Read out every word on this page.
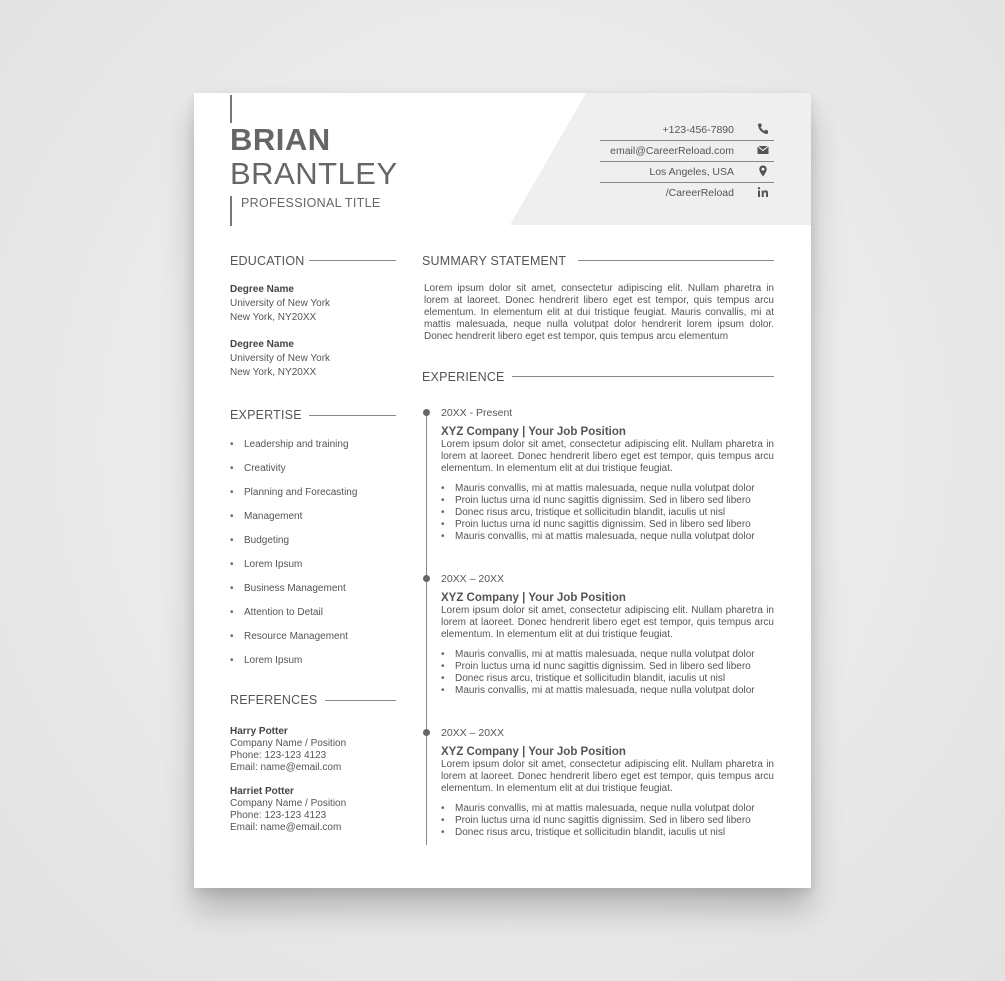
BRIAN
BRANTLEY
PROFESSIONAL TITLE
+123-456-7890
email@CareerReload.com
Los Angeles, USA
/CareerReload
EDUCATION
Degree Name
University of New York
New York, NY20XX
Degree Name
University of New York
New York, NY20XX
EXPERTISE
• Leadership and training
• Creativity
• Planning and Forecasting
• Management
• Budgeting
• Lorem Ipsum
• Business Management
• Attention to Detail
• Resource Management
• Lorem Ipsum
REFERENCES
Harry Potter
Company Name / Position
Phone: 123-123 4123
Email: name@email.com
Harriet Potter
Company Name / Position
Phone: 123-123 4123
Email: name@email.com
SUMMARY STATEMENT
Lorem ipsum dolor sit amet, consectetur adipiscing elit. Nullam pharetra in lorem at laoreet. Donec hendrerit libero eget est tempor, quis tempus arcu elementum. In elementum elit at dui tristique feugiat. Mauris convallis, mi at mattis malesuada, neque nulla volutpat dolor hendrerit lorem ipsum dolor. Donec hendrerit libero eget est tempor, quis tempus arcu elementum
EXPERIENCE
20XX - Present
XYZ Company | Your Job Position
Lorem ipsum dolor sit amet, consectetur adipiscing elit. Nullam pharetra in lorem at laoreet. Donec hendrerit libero eget est tempor, quis tempus arcu elementum. In elementum elit at dui tristique feugiat.
• Mauris convallis, mi at mattis malesuada, neque nulla volutpat dolor
• Proin luctus urna id nunc sagittis dignissim. Sed in libero sed libero
• Donec risus arcu, tristique et sollicitudin blandit, iaculis ut nisl
• Proin luctus urna id nunc sagittis dignissim. Sed in libero sed libero
• Mauris convallis, mi at mattis malesuada, neque nulla volutpat dolor
20XX – 20XX
XYZ Company | Your Job Position
Lorem ipsum dolor sit amet, consectetur adipiscing elit. Nullam pharetra in lorem at laoreet. Donec hendrerit libero eget est tempor, quis tempus arcu elementum. In elementum elit at dui tristique feugiat.
• Mauris convallis, mi at mattis malesuada, neque nulla volutpat dolor
• Proin luctus urna id nunc sagittis dignissim. Sed in libero sed libero
• Donec risus arcu, tristique et sollicitudin blandit, iaculis ut nisl
• Mauris convallis, mi at mattis malesuada, neque nulla volutpat dolor
20XX – 20XX
XYZ Company | Your Job Position
Lorem ipsum dolor sit amet, consectetur adipiscing elit. Nullam pharetra in lorem at laoreet. Donec hendrerit libero eget est tempor, quis tempus arcu elementum. In elementum elit at dui tristique feugiat.
• Mauris convallis, mi at mattis malesuada, neque nulla volutpat dolor
• Proin luctus urna id nunc sagittis dignissim. Sed in libero sed libero
• Donec risus arcu, tristique et sollicitudin blandit, iaculis ut nisl
